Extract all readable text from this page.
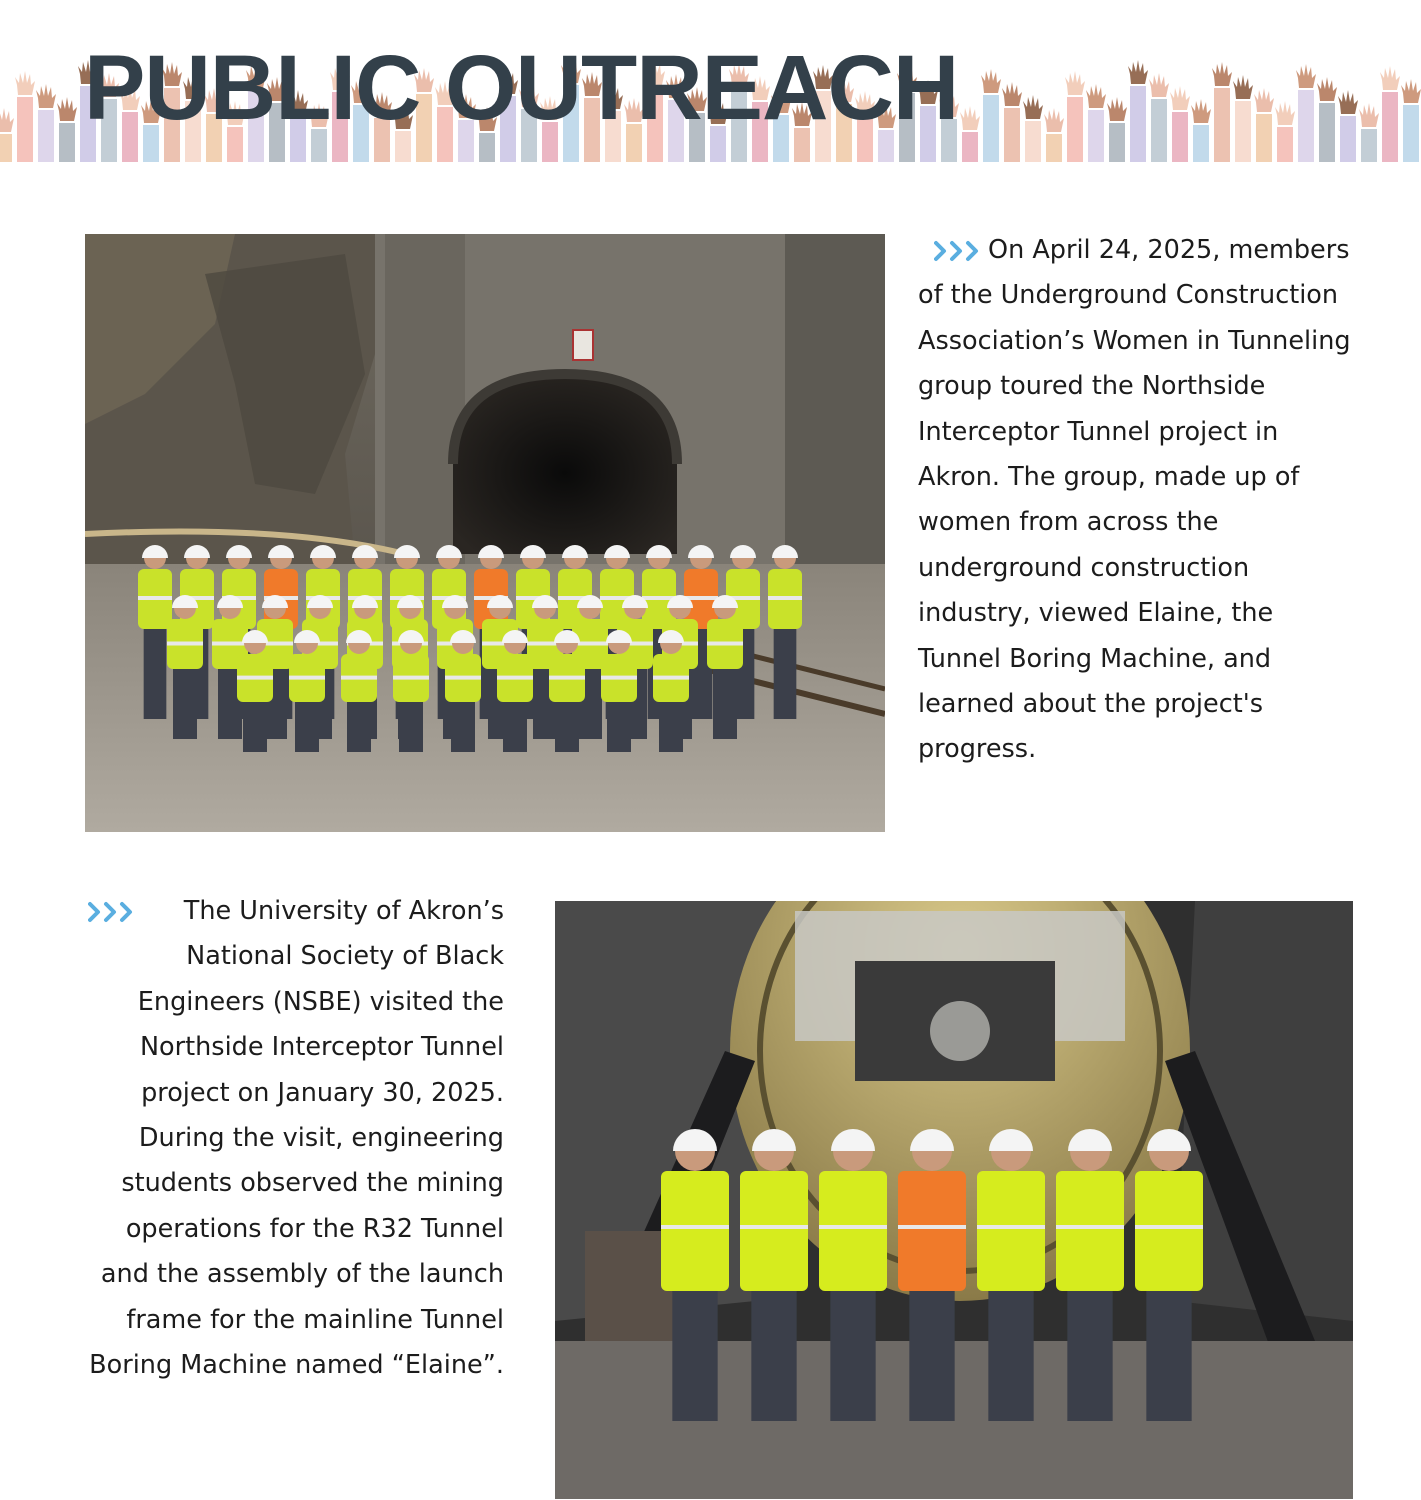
PUBLIC OUTREACH

On April 24, 2025, members of the Underground Construction Association’s Women in Tunneling group toured the Northside Interceptor Tunnel project in Akron. The group, made up of women from across the underground construction industry, viewed Elaine, the Tunnel Boring Machine, and learned about the project's progress.

The University of Akron’s National Society of Black Engineers (NSBE) visited the Northside Interceptor Tunnel project on January 30, 2025. During the visit, engineering students observed the mining operations for the R32 Tunnel and the assembly of the launch frame for the mainline Tunnel Boring Machine named “Elaine”.
